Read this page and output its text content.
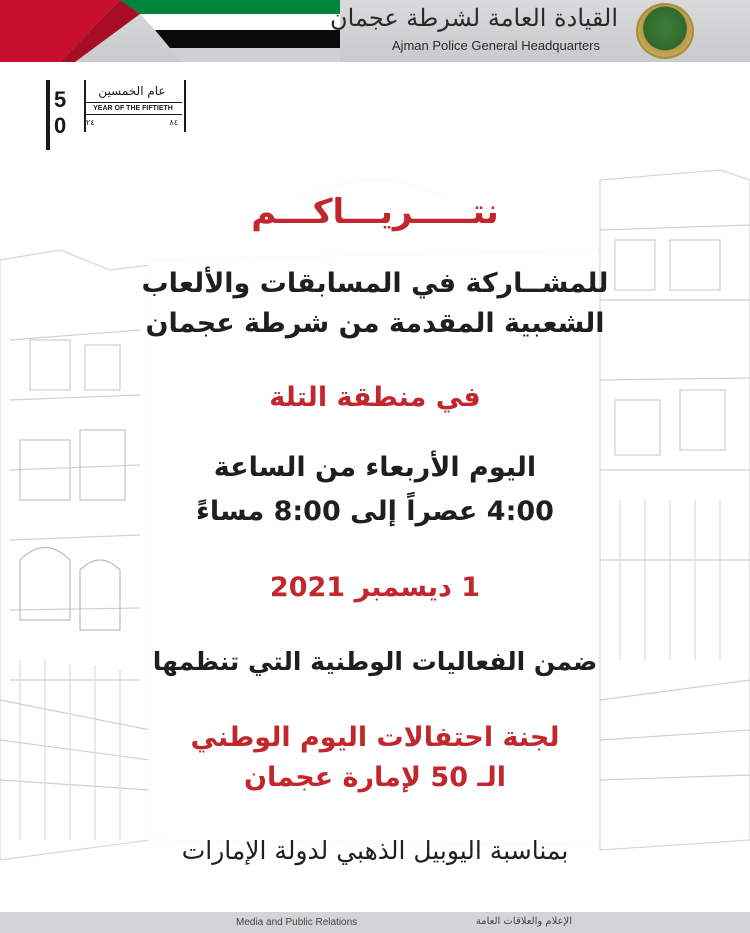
القيادة العامة لشرطة عجمان
Ajman Police General Headquarters
5
0
عام الخمسين
YEAR OF THE FIFTIETH
٢٤	٨٤
نتـــــريـــاكـــم
للمشــاركة في المسابقات والألعاب
الشعبية المقدمة من شرطة عجمان
في منطقة التلة
اليوم الأربعاء من الساعة
4:00 عصراً إلى 8:00 مساءً
1 ديسمبر 2021
ضمن الفعاليات الوطنية التي تنظمها
لجنة احتفالات اليوم الوطني
الـ 50 لإمارة عجمان
بمناسبة اليوبيل الذهبي لدولة الإمارات
Media and Public Relations	الإعلام والعلاقات العامة
